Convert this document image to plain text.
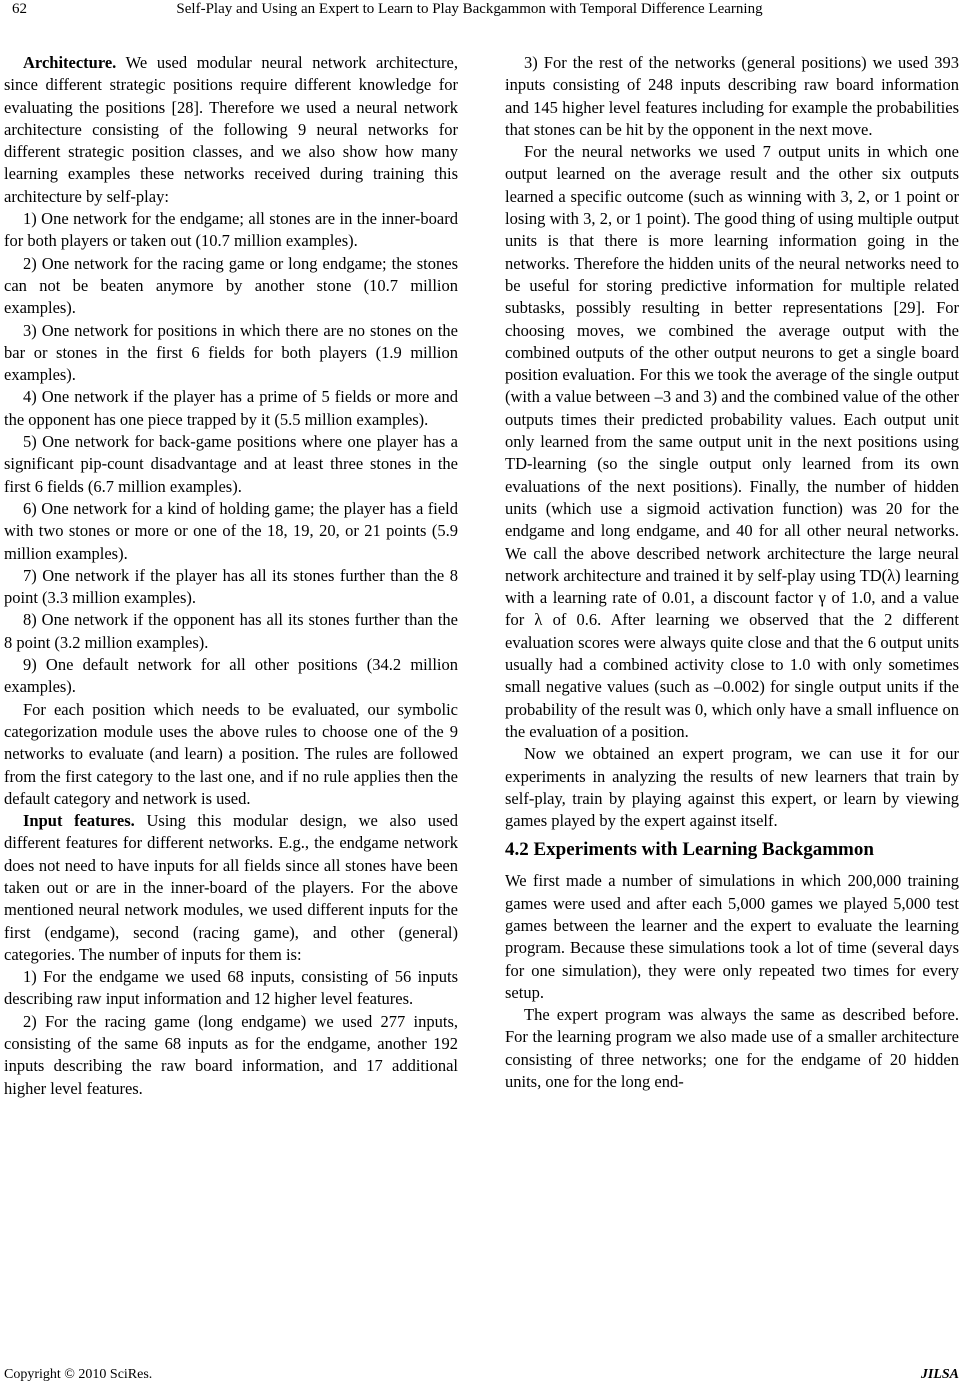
62	Self-Play and Using an Expert to Learn to Play Backgammon with Temporal Difference Learning

Architecture. We used modular neural network architecture, since different strategic positions require different knowledge for evaluating the positions [28]. Therefore we used a neural network architecture consisting of the following 9 neural networks for different strategic position classes, and we also show how many learning examples these networks received during training this architecture by self-play:

1) One network for the endgame; all stones are in the inner-board for both players or taken out (10.7 million examples).

2) One network for the racing game or long endgame; the stones can not be beaten anymore by another stone (10.7 million examples).

3) One network for positions in which there are no stones on the bar or stones in the first 6 fields for both players (1.9 million examples).

4) One network if the player has a prime of 5 fields or more and the opponent has one piece trapped by it (5.5 million examples).

5) One network for back-game positions where one player has a significant pip-count disadvantage and at least three stones in the first 6 fields (6.7 million examples).

6) One network for a kind of holding game; the player has a field with two stones or more or one of the 18, 19, 20, or 21 points (5.9 million examples).

7) One network if the player has all its stones further than the 8 point (3.3 million examples).

8) One network if the opponent has all its stones further than the 8 point (3.2 million examples).

9) One default network for all other positions (34.2 million examples).

For each position which needs to be evaluated, our symbolic categorization module uses the above rules to choose one of the 9 networks to evaluate (and learn) a position. The rules are followed from the first category to the last one, and if no rule applies then the default category and network is used.

Input features. Using this modular design, we also used different features for different networks. E.g., the endgame network does not need to have inputs for all fields since all stones have been taken out or are in the inner-board of the players. For the above mentioned neural network modules, we used different inputs for the first (endgame), second (racing game), and other (general) categories. The number of inputs for them is:

1) For the endgame we used 68 inputs, consisting of 56 inputs describing raw input information and 12 higher level features.

2) For the racing game (long endgame) we used 277 inputs, consisting of the same 68 inputs as for the endgame, another 192 inputs describing the raw board information, and 17 additional higher level features.

3) For the rest of the networks (general positions) we used 393 inputs consisting of 248 inputs describing raw board information and 145 higher level features including for example the probabilities that stones can be hit by the opponent in the next move.

For the neural networks we used 7 output units in which one output learned on the average result and the other six outputs learned a specific outcome (such as winning with 3, 2, or 1 point or losing with 3, 2, or 1 point). The good thing of using multiple output units is that there is more learning information going in the networks. Therefore the hidden units of the neural networks need to be useful for storing predictive information for multiple related subtasks, possibly resulting in better representations [29]. For choosing moves, we combined the average output with the combined outputs of the other output neurons to get a single board position evaluation. For this we took the average of the single output (with a value between –3 and 3) and the combined value of the other outputs times their predicted probability values. Each output unit only learned from the same output unit in the next positions using TD-learning (so the single output only learned from its own evaluations of the next positions). Finally, the number of hidden units (which use a sigmoid activation function) was 20 for the endgame and long endgame, and 40 for all other neural networks. We call the above described network architecture the large neural network architecture and trained it by self-play using TD(λ) learning with a learning rate of 0.01, a discount factor γ of 1.0, and a value for λ of 0.6. After learning we observed that the 2 different evaluation scores were always quite close and that the 6 output units usually had a combined activity close to 1.0 with only sometimes small negative values (such as –0.002) for single output units if the probability of the result was 0, which only have a small influence on the evaluation of a position.

Now we obtained an expert program, we can use it for our experiments in analyzing the results of new learners that train by self-play, train by playing against this expert, or learn by viewing games played by the expert against itself.

4.2 Experiments with Learning Backgammon

We first made a number of simulations in which 200,000 training games were used and after each 5,000 games we played 5,000 test games between the learner and the expert to evaluate the learning program. Because these simulations took a lot of time (several days for one simulation), they were only repeated two times for every setup.

The expert program was always the same as described before. For the learning program we also made use of a smaller architecture consisting of three networks; one for the endgame of 20 hidden units, one for the long end-

Copyright © 2010 SciRes.	JILSA
